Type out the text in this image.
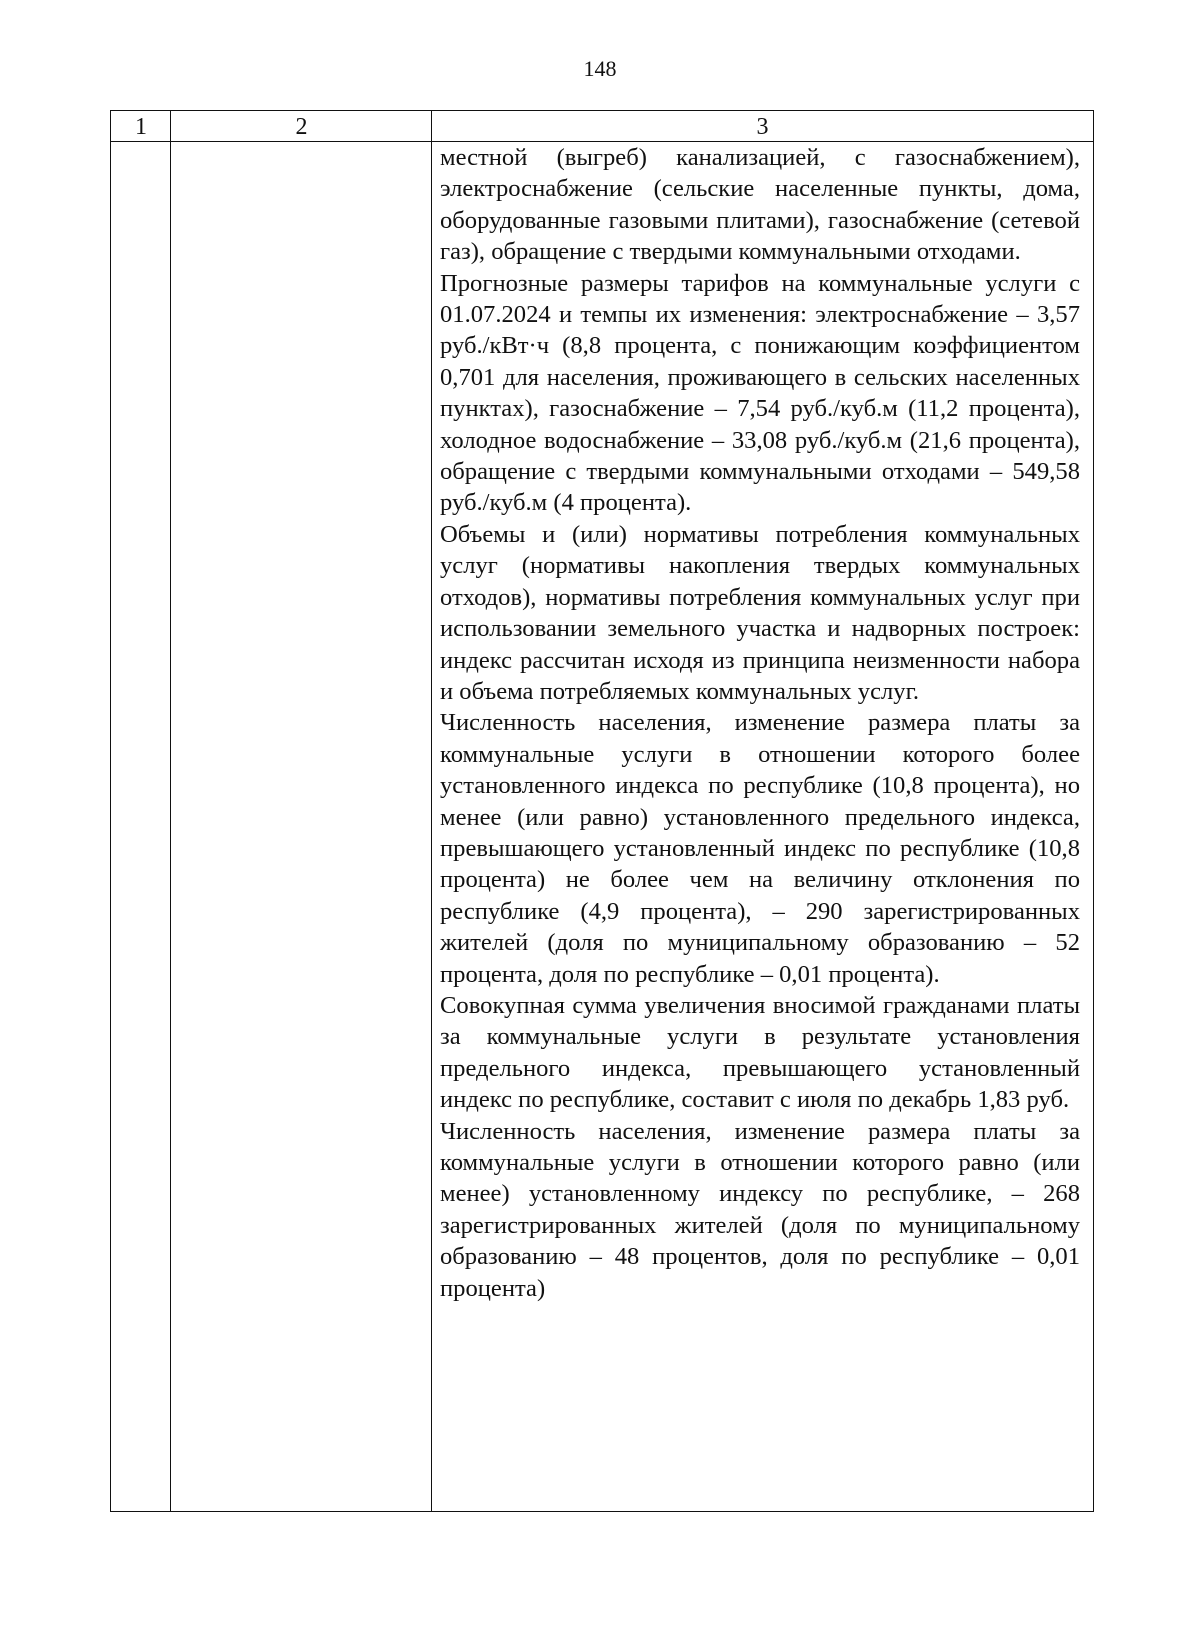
148
1	2	3

местной (выгреб) канализацией, с газоснабжением), электроснабжение (сельские населенные пункты, дома, оборудованные газовыми плитами), газоснабжение (сетевой газ), обращение с твердыми коммунальными отходами.

Прогнозные размеры тарифов на коммунальные услуги с 01.07.2024 и темпы их изменения: электроснабжение – 3,57 руб./кВт·ч (8,8 процента, с понижающим коэффициентом 0,701 для населения, проживающего в сельских населенных пунктах), газоснабжение – 7,54 руб./куб.м (11,2 процента), холодное водоснабжение – 33,08 руб./куб.м (21,6 процента), обращение с твердыми коммунальными отходами – 549,58 руб./куб.м (4 процента).

Объемы и (или) нормативы потребления коммунальных услуг (нормативы накопления твердых коммунальных отходов), нормативы потребления коммунальных услуг при использовании земельного участка и надворных построек: индекс рассчитан исходя из принципа неизменности набора и объема потребляемых коммунальных услуг.

Численность населения, изменение размера платы за коммунальные услуги в отношении которого более установленного индекса по республике (10,8 процента), но менее (или равно) установленного предельного индекса, превышающего установленный индекс по республике (10,8 процента) не более чем на величину отклонения по республике (4,9 процента), – 290 зарегистрированных жителей (доля по муниципальному образованию – 52 процента, доля по республике – 0,01 процента).

Совокупная сумма увеличения вносимой гражданами платы за коммунальные услуги в результате установления предельного индекса, превышающего установленный индекс по республике, составит с июля по декабрь 1,83 руб.

Численность населения, изменение размера платы за коммунальные услуги в отношении которого равно (или менее) установленному индексу по республике, – 268 зарегистрированных жителей (доля по муниципальному образованию – 48 процентов, доля по республике – 0,01 процента)
